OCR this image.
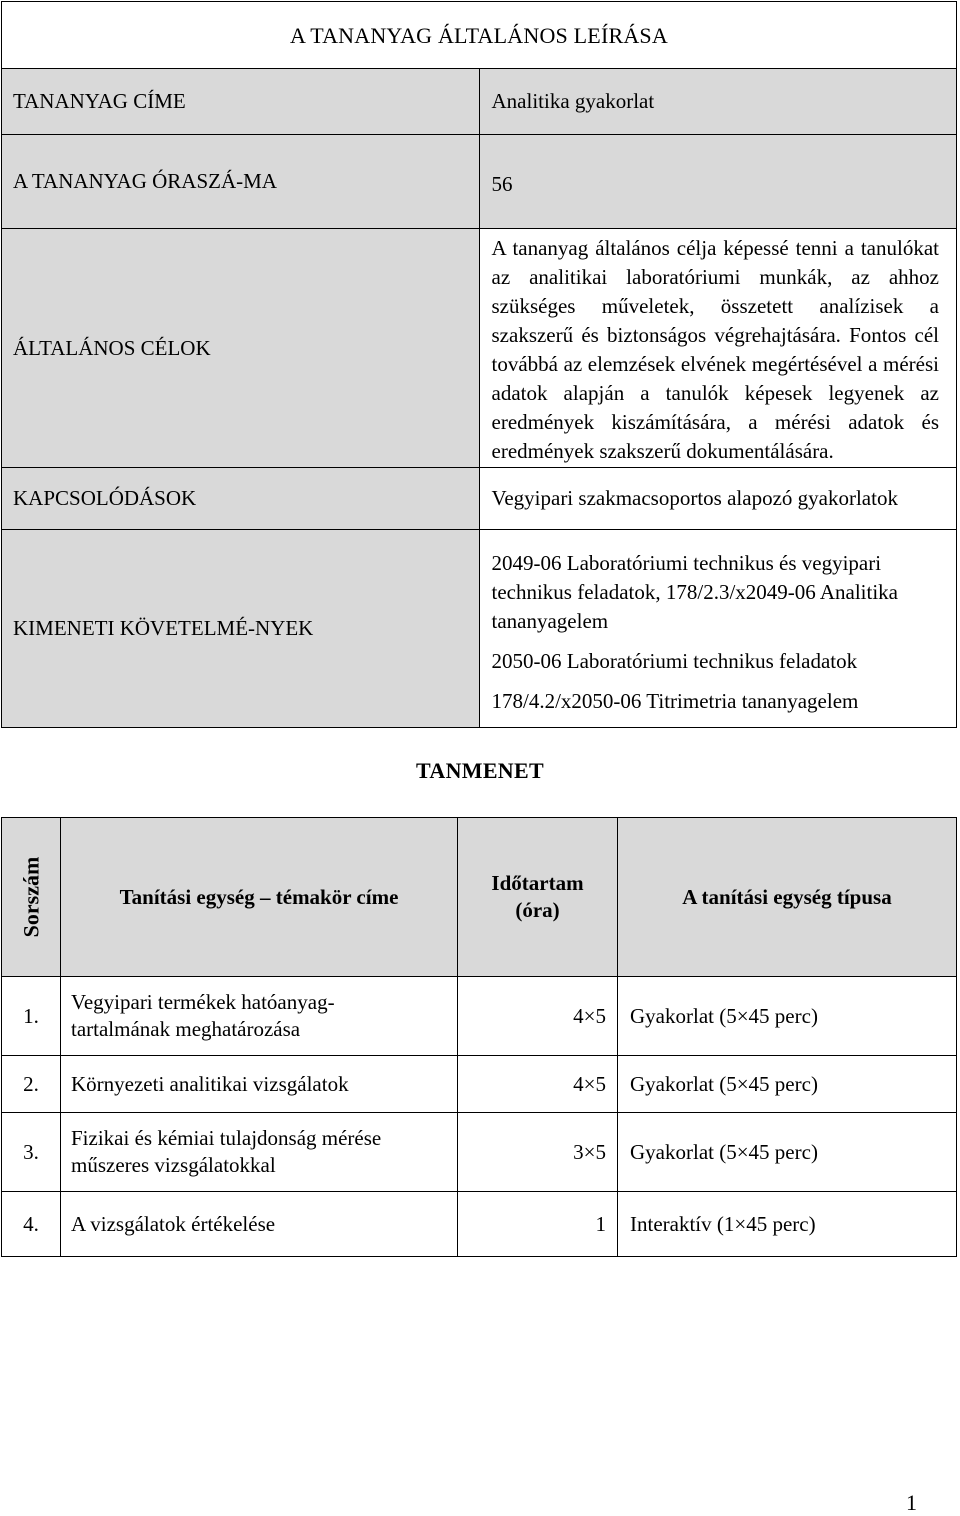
A TANANYAG ÁLTALÁNOS LEÍRÁSA	
TANANYAG CÍME	Analitika gyakorlat
A TANANYAG ÓRASZÁ-MA	56
ÁLTALÁNOS CÉLOK	A tananyag általános célja képessé tenni a tanulókat az analitikai laboratóriumi munkák, az ahhoz szükséges műveletek, összetett analízisek a szakszerű és biztonságos végrehajtására. Fontos cél továbbá az elemzések elvének megértésével a mérési adatok alapján a tanulók képesek legyenek az eredmények kiszámítására, a mérési adatok és eredmények szakszerű dokumentálására.
KAPCSOLÓDÁSOK	Vegyipari szakmacsoportos alapozó gyakorlatok
KIMENETI KÖVETELMÉ-NYEK	2049-06 Laboratóriumi technikus és vegyipari technikus feladatok, 178/2.3/x2049-06 Analitika tananyagelem

2050-06 Laboratóriumi technikus feladatok

178/4.2/x2050-06 Titrimetria tananyagelem

TANMENET
Sorszám	Tanítási egység – témakör címe	Időtartam (óra)	A tanítási egység típusa
1.	Vegyipari termékek hatóanyag-tartalmának meghatározása	4×5	Gyakorlat (5×45 perc)
2.	Környezeti analitikai vizsgálatok	4×5	Gyakorlat (5×45 perc)
3.	Fizikai és kémiai tulajdonság mérése műszeres vizsgálatokkal	3×5	Gyakorlat (5×45 perc)
4.	A vizsgálatok értékelése	1	Interaktív (1×45 perc)
1
